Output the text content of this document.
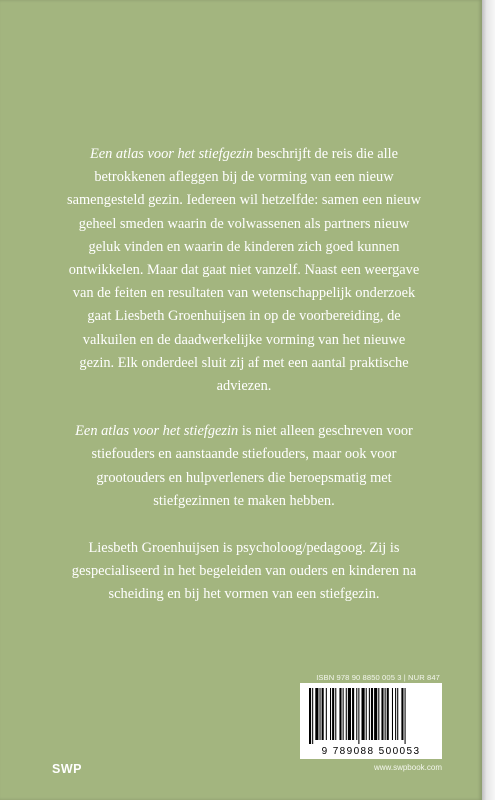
Een atlas voor het stiefgezin beschrijft de reis die alle betrokkenen afleggen bij de vorming van een nieuw samengesteld gezin. Iedereen wil hetzelfde: samen een nieuw geheel smeden waarin de volwassenen als partners nieuw geluk vinden en waarin de kinderen zich goed kunnen ontwikkelen. Maar dat gaat niet vanzelf. Naast een weergave van de feiten en resultaten van wetenschappelijk onderzoek gaat Liesbeth Groenhuijsen in op de voorbereiding, de valkuilen en de daadwerkelijke vorming van het nieuwe gezin. Elk onderdeel sluit zij af met een aantal praktische adviezen.

Een atlas voor het stiefgezin is niet alleen geschreven voor stiefouders en aanstaande stiefouders, maar ook voor grootouders en hulpverleners die beroepsmatig met stiefgezinnen te maken hebben.

Liesbeth Groenhuijsen is psycholoog/pedagoog. Zij is gespecialiseerd in het begeleiden van ouders en kinderen na scheiding en bij het vormen van een stiefgezin.

ISBN 978 90 8850 005 3 | NUR 847
9 789088 500053
www.swpbook.com
SWP
